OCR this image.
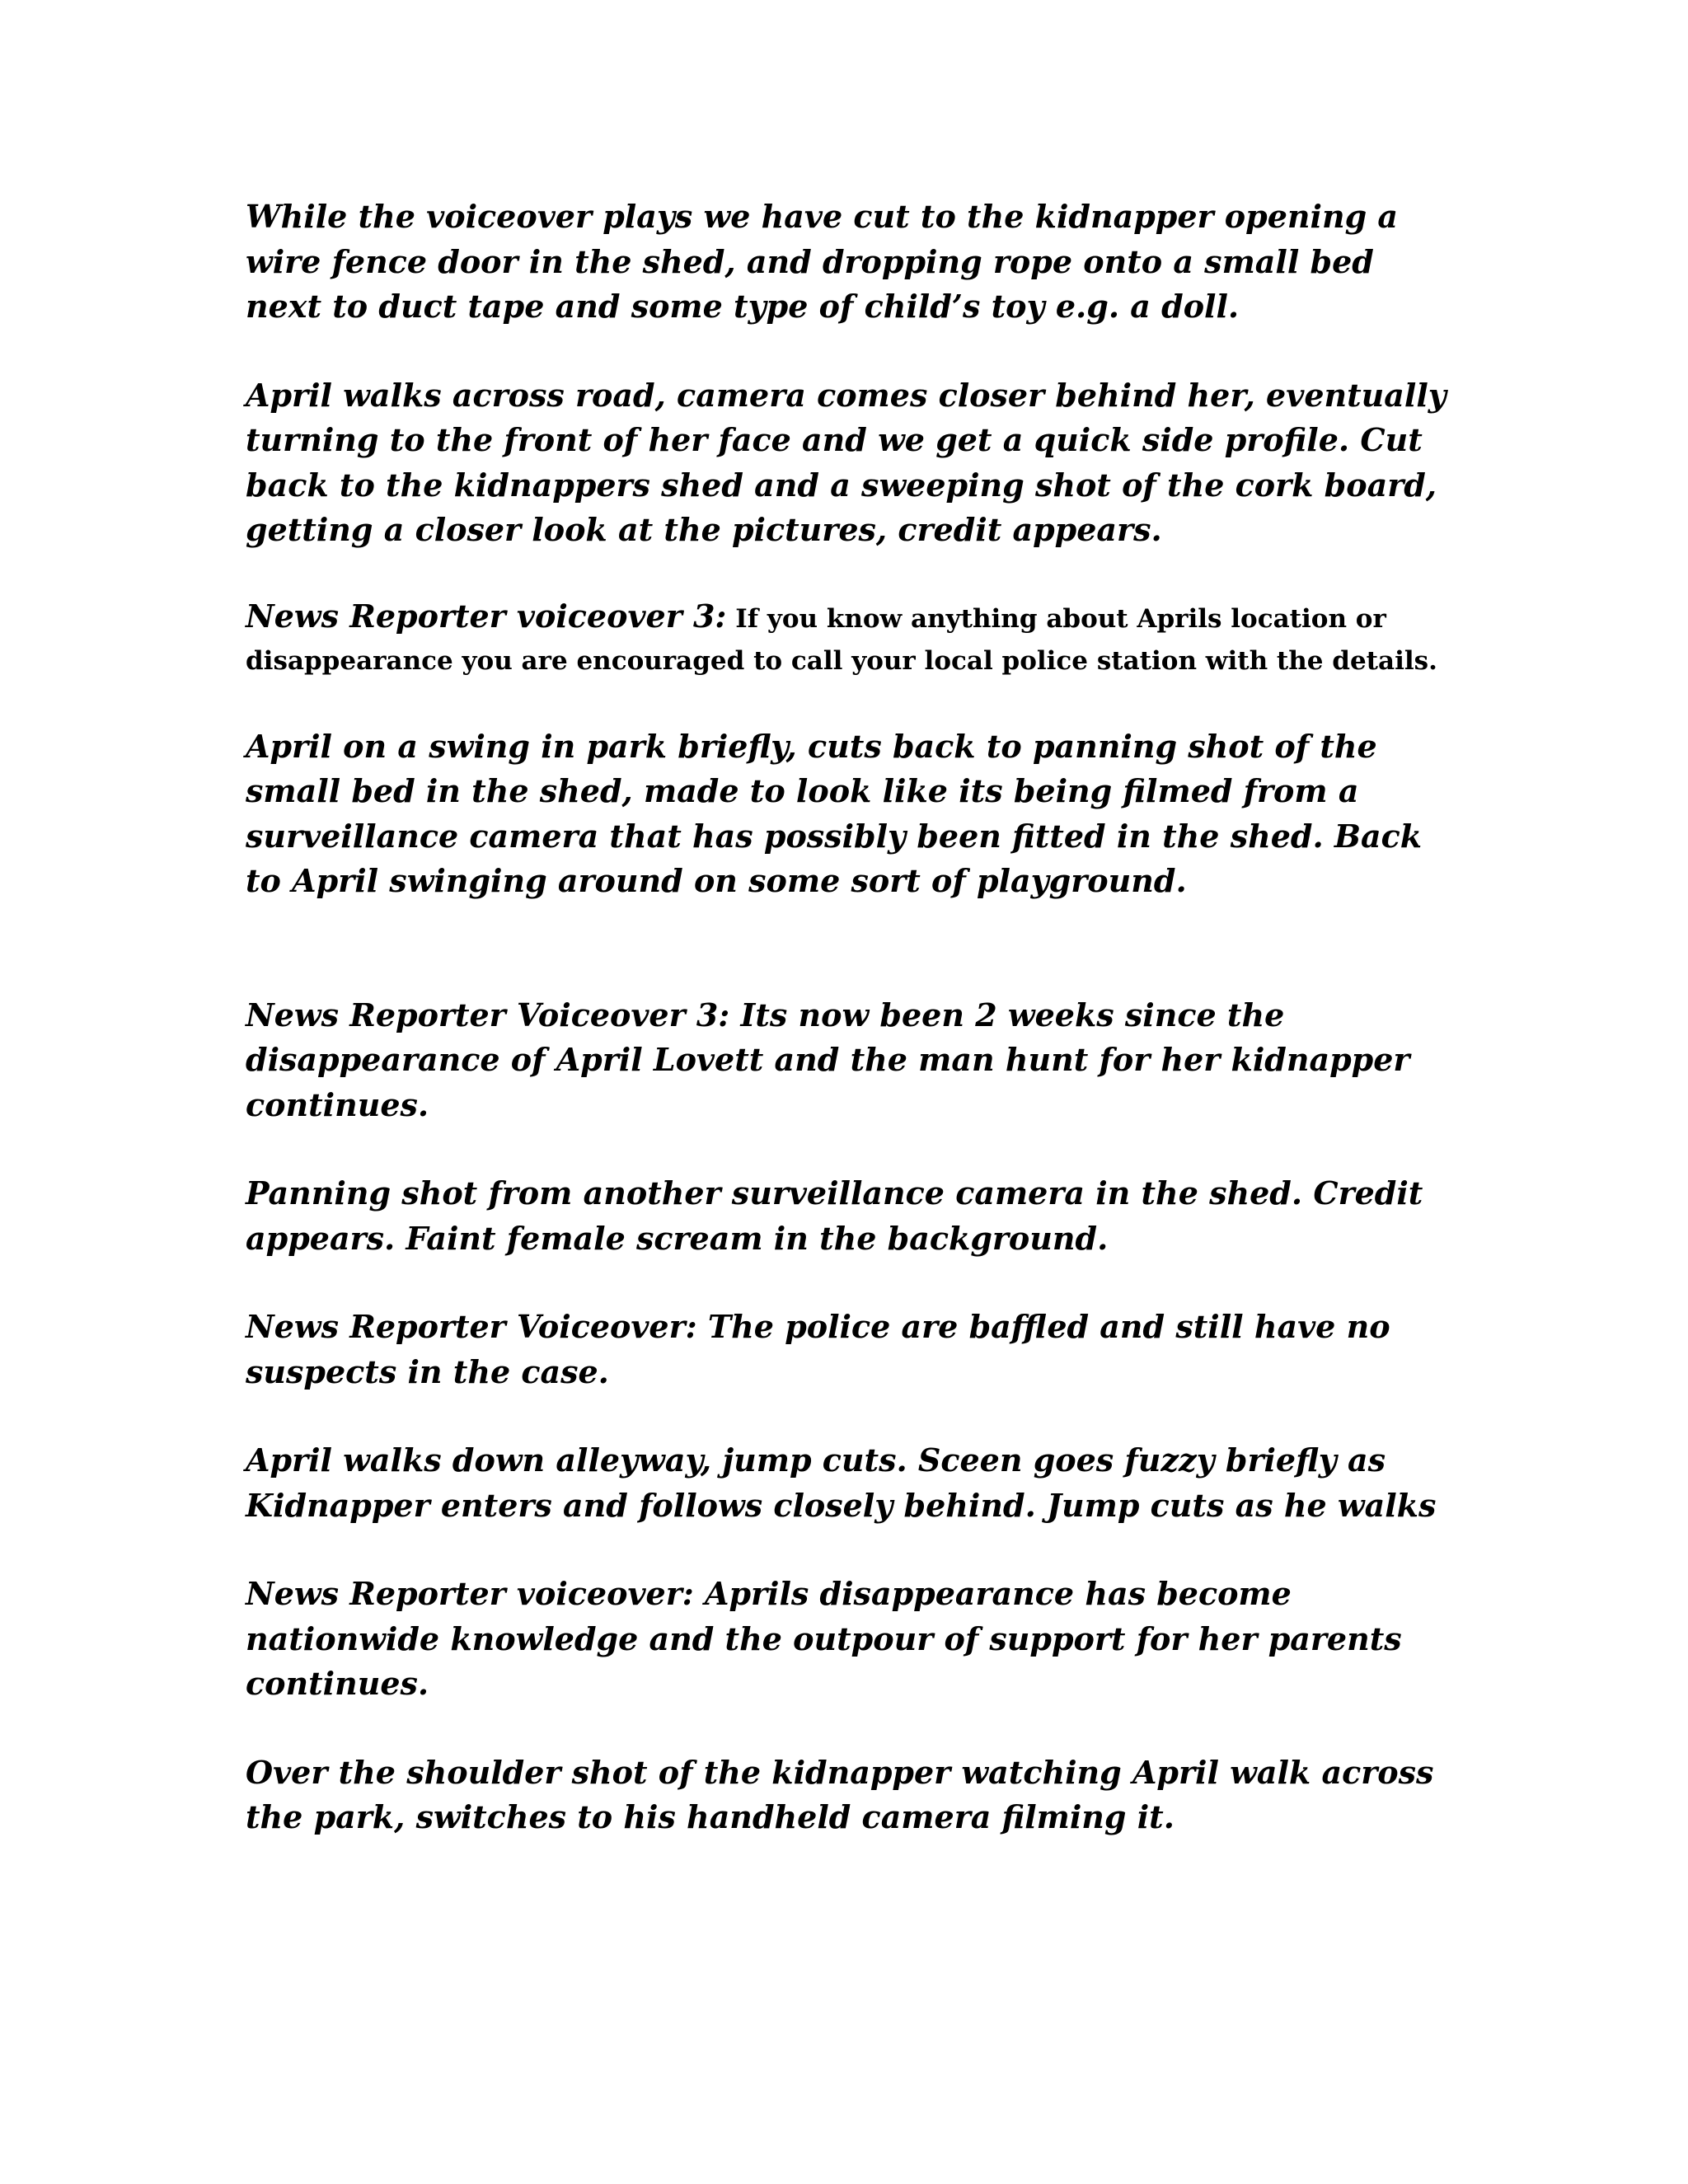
While the voiceover plays we have cut to the kidnapper opening a wire fence door in the shed, and dropping rope onto a small bed next to duct tape and some type of child’s toy e.g. a doll.

April walks across road, camera comes closer behind her, eventually turning to the front of her face and we get a quick side profile. Cut back to the kidnappers shed and a sweeping shot of the cork board, getting a closer look at the pictures, credit appears.

News Reporter voiceover 3: If you know anything about Aprils location or disappearance you are encouraged to call your local police station with the details.

April on a swing in park briefly, cuts back to panning shot of the small bed in the shed, made to look like its being filmed from a surveillance camera that has possibly been fitted in the shed. Back to April swinging around on some sort of playground.

News Reporter Voiceover 3: Its now been 2 weeks since the disappearance of April Lovett and the man hunt for her kidnapper continues.

Panning shot from another surveillance camera in the shed. Credit appears. Faint female scream in the background.

News Reporter Voiceover: The police are baffled and still have no suspects in the case.

April walks down alleyway, jump cuts. Sceen goes fuzzy briefly as Kidnapper enters and follows closely behind. Jump cuts as he walks

News Reporter voiceover: Aprils disappearance has become nationwide knowledge and the outpour of support for her parents continues.

Over the shoulder shot of the kidnapper watching April walk across the park, switches to his handheld camera filming it.
